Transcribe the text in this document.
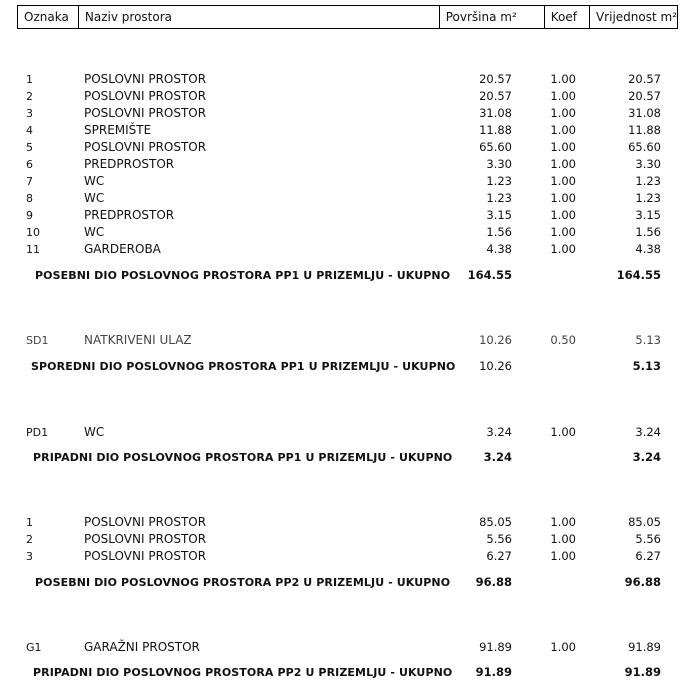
Oznaka	Naziv prostora	Površina m²	Koef	Vrijednost m²
1	POSLOVNI PROSTOR	20.57	1.00	20.57
2	POSLOVNI PROSTOR	20.57	1.00	20.57
3	POSLOVNI PROSTOR	31.08	1.00	31.08
4	SPREMIŠTE	11.88	1.00	11.88
5	POSLOVNI PROSTOR	65.60	1.00	65.60
6	PREDPROSTOR	3.30	1.00	3.30
7	WC	1.23	1.00	1.23
8	WC	1.23	1.00	1.23
9	PREDPROSTOR	3.15	1.00	3.15
10	WC	1.56	1.00	1.56
11	GARDEROBA	4.38	1.00	4.38
POSEBNI DIO POSLOVNOG PROSTORA PP1 U PRIZEMLJU - UKUPNO	164.55	164.55
SD1	NATKRIVENI ULAZ	10.26	0.50	5.13
SPOREDNI DIO POSLOVNOG PROSTORA PP1 U PRIZEMLJU - UKUPNO	10.26	5.13
PD1	WC	3.24	1.00	3.24
PRIPADNI DIO POSLOVNOG PROSTORA PP1 U PRIZEMLJU - UKUPNO	3.24	3.24
1	POSLOVNI PROSTOR	85.05	1.00	85.05
2	POSLOVNI PROSTOR	5.56	1.00	5.56
3	POSLOVNI PROSTOR	6.27	1.00	6.27
POSEBNI DIO POSLOVNOG PROSTORA PP2 U PRIZEMLJU - UKUPNO	96.88	96.88
G1	GARAŽNI PROSTOR	91.89	1.00	91.89
PRIPADNI DIO POSLOVNOG PROSTORA PP2 U PRIZEMLJU - UKUPNO	91.89	91.89
